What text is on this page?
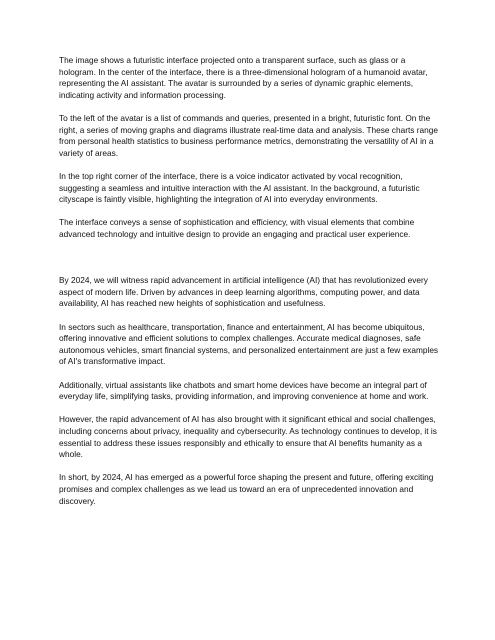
The image shows a futuristic interface projected onto a transparent surface, such as glass or a hologram. In the center of the interface, there is a three-dimensional hologram of a humanoid avatar, representing the AI assistant. The avatar is surrounded by a series of dynamic graphic elements, indicating activity and information processing.

To the left of the avatar is a list of commands and queries, presented in a bright, futuristic font. On the right, a series of moving graphs and diagrams illustrate real-time data and analysis. These charts range from personal health statistics to business performance metrics, demonstrating the versatility of AI in a variety of areas.

In the top right corner of the interface, there is a voice indicator activated by vocal recognition, suggesting a seamless and intuitive interaction with the AI assistant. In the background, a futuristic cityscape is faintly visible, highlighting the integration of AI into everyday environments.

The interface conveys a sense of sophistication and efficiency, with visual elements that combine advanced technology and intuitive design to provide an engaging and practical user experience.

By 2024, we will witness rapid advancement in artificial intelligence (AI) that has revolutionized every aspect of modern life. Driven by advances in deep learning algorithms, computing power, and data availability, AI has reached new heights of sophistication and usefulness.

In sectors such as healthcare, transportation, finance and entertainment, AI has become ubiquitous, offering innovative and efficient solutions to complex challenges. Accurate medical diagnoses, safe autonomous vehicles, smart financial systems, and personalized entertainment are just a few examples of AI's transformative impact.

Additionally, virtual assistants like chatbots and smart home devices have become an integral part of everyday life, simplifying tasks, providing information, and improving convenience at home and work.

However, the rapid advancement of AI has also brought with it significant ethical and social challenges, including concerns about privacy, inequality and cybersecurity. As technology continues to develop, it is essential to address these issues responsibly and ethically to ensure that AI benefits humanity as a whole.

In short, by 2024, AI has emerged as a powerful force shaping the present and future, offering exciting promises and complex challenges as we lead us toward an era of unprecedented innovation and discovery.
